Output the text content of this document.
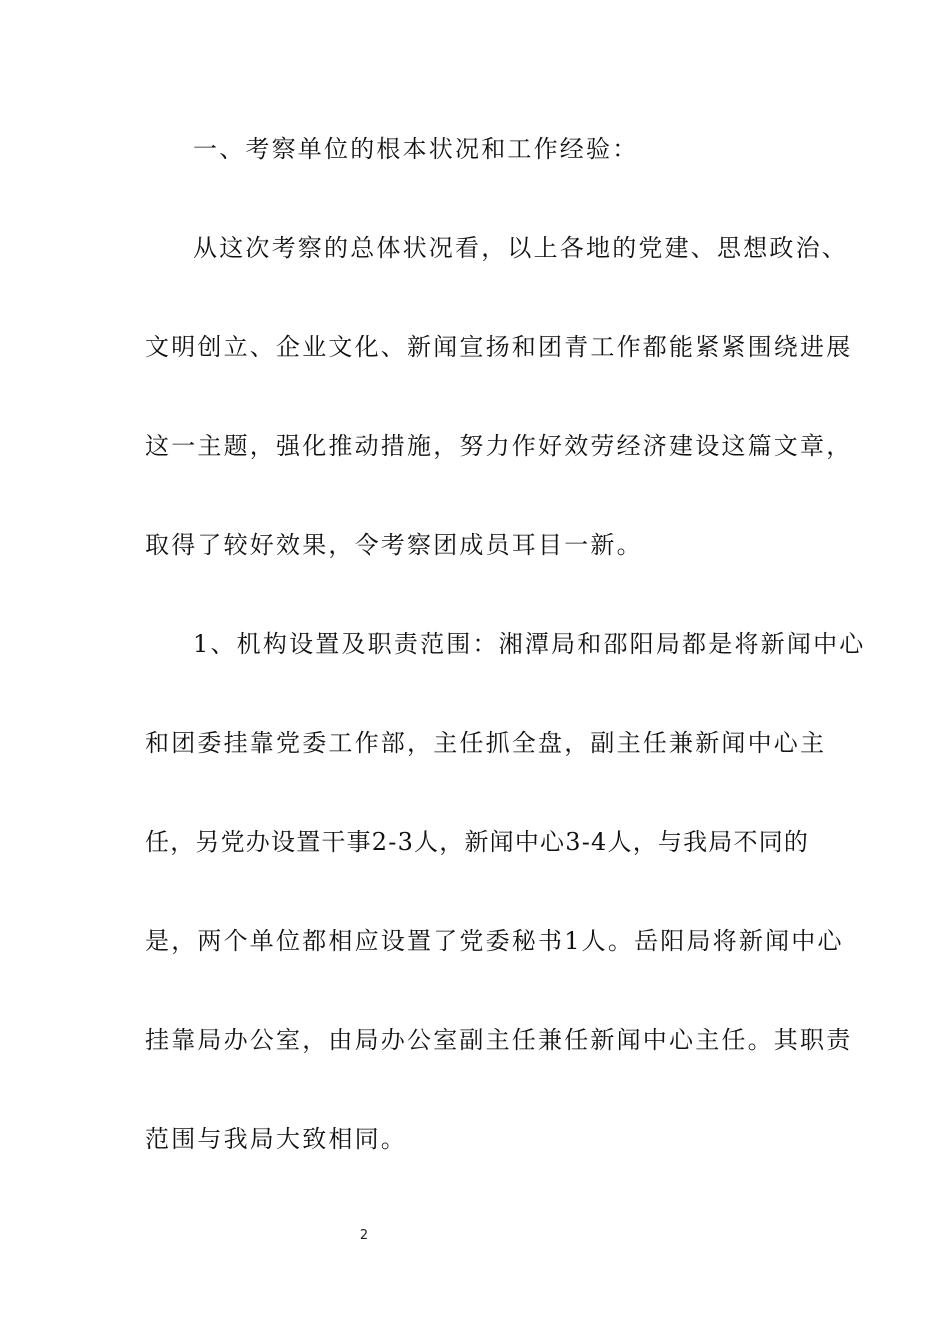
一、考察单位的根本状况和工作经验：
从这次考察的总体状况看，以上各地的党建、思想政治、
文明创立、企业文化、新闻宣扬和团青工作都能紧紧围绕进展
这一主题，强化推动措施，努力作好效劳经济建设这篇文章，
取得了较好效果，令考察团成员耳目一新。
1、机构设置及职责范围：湘潭局和邵阳局都是将新闻中心
和团委挂靠党委工作部，主任抓全盘，副主任兼新闻中心主
任，另党办设置干事2-3人，新闻中心3-4人，与我局不同的
是，两个单位都相应设置了党委秘书1人。岳阳局将新闻中心
挂靠局办公室，由局办公室副主任兼任新闻中心主任。其职责
范围与我局大致相同。
2
